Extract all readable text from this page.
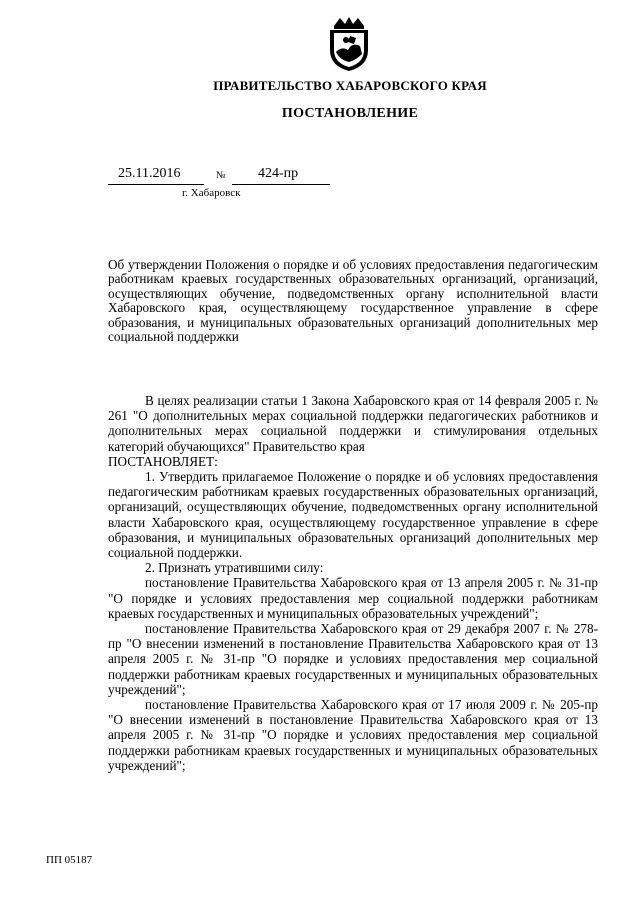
ПРАВИТЕЛЬСТВО ХАБАРОВСКОГО КРАЯ
ПОСТАНОВЛЕНИЕ
25.11.2016	№ 424-пр
г. Хабаровск
Об утверждении Положения о порядке и об условиях предоставления педагогическим работникам краевых государственных образовательных организаций, организаций, осуществляющих обучение, подведомственных органу исполнительной власти Хабаровского края, осуществляющему государственное управление в сфере образования, и муниципальных образовательных организаций дополнительных мер социальной поддержки

В целях реализации статьи 1 Закона Хабаровского края от 14 февраля 2005 г. № 261 "О дополнительных мерах социальной поддержки педагогических работников и дополнительных мерах социальной поддержки и стимулирования отдельных категорий обучающихся" Правительство края

ПОСТАНОВЛЯЕТ:

1. Утвердить прилагаемое Положение о порядке и об условиях предоставления педагогическим работникам краевых государственных образовательных организаций, организаций, осуществляющих обучение, подведомственных органу исполнительной власти Хабаровского края, осуществляющему государственное управление в сфере образования, и муниципальных образовательных организаций дополнительных мер социальной поддержки.

2. Признать утратившими силу:

постановление Правительства Хабаровского края от 13 апреля 2005 г. № 31-пр "О порядке и условиях предоставления мер социальной поддержки работникам краевых государственных и муниципальных образовательных учреждений";

постановление Правительства Хабаровского края от 29 декабря 2007 г. № 278-пр "О внесении изменений в постановление Правительства Хабаровского края от 13 апреля 2005 г. № 31-пр "О порядке и условиях предоставления мер социальной поддержки работникам краевых государственных и муниципальных образовательных учреждений";

постановление Правительства Хабаровского края от 17 июля 2009 г. № 205-пр "О внесении изменений в постановление Правительства Хабаровского края от 13 апреля 2005 г. № 31-пр "О порядке и условиях предоставления мер социальной поддержки работникам краевых государственных и муниципальных образовательных учреждений";

ПП 05187
